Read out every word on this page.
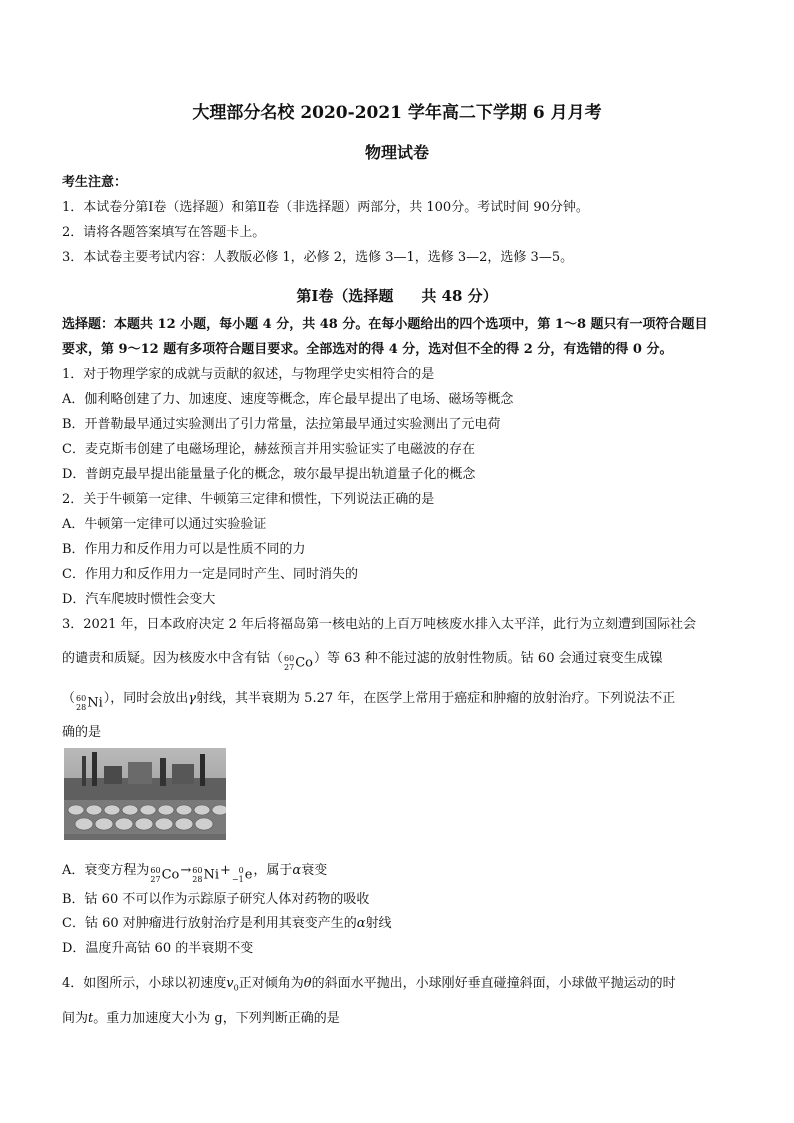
大理部分名校 2020-2021 学年高二下学期 6 月月考
物理试卷
考生注意：
1．本试卷分第Ⅰ卷（选择题）和第Ⅱ卷（非选择题）两部分，共 100分。考试时间 90分钟。
2．请将各题答案填写在答题卡上。
3．本试卷主要考试内容：人教版必修 1，必修 2，选修 3—1，选修 3—2，选修 3—5。
第Ⅰ卷（选择题 共 48 分）
选择题：本题共 12 小题，每小题 4 分，共 48 分。在每小题给出的四个选项中，第 1～8 题只有一项符合题目
要求，第 9～12 题有多项符合题目要求。全部选对的得 4 分，选对但不全的得 2 分，有选错的得 0 分。
1．对于物理学家的成就与贡献的叙述，与物理学史实相符合的是
A．伽利略创建了力、加速度、速度等概念，库仑最早提出了电场、磁场等概念
B．开普勒最早通过实验测出了引力常量，法拉第最早通过实验测出了元电荷
C．麦克斯韦创建了电磁场理论，赫兹预言并用实验证实了电磁波的存在
D．普朗克最早提出能量量子化的概念，玻尔最早提出轨道量子化的概念
2．关于牛顿第一定律、牛顿第三定律和惯性，下列说法正确的是
A．牛顿第一定律可以通过实验验证
B．作用力和反作用力可以是性质不同的力
C．作用力和反作用力一定是同时产生、同时消失的
D．汽车爬坡时惯性会变大
3．2021 年，日本政府决定 2 年后将福岛第一核电站的上百万吨核废水排入太平洋，此行为立刻遭到国际社会
的谴责和质疑。因为核废水中含有钴（ 60
27 Co）等 63 种不能过滤的放射性物质。钴 60 会通过衰变生成镍
（ 60
28 Ni），同时会放出γ射线，其半衰期为 5.27 年，在医学上常用于癌症和肿瘤的放射治疗。下列说法不正
确的是
A．衰变方程为 60
27 Co→ 60
28 Ni+ 0
−1 e，属于α衰变
B．钴 60 不可以作为示踪原子研究人体对药物的吸收
C．钴 60 对肿瘤进行放射治疗是利用其衰变产生的α射线
D．温度升高钴 60 的半衰期不变
4．如图所示，小球以初速度$v_0$正对倾角为θ的斜面水平抛出，小球刚好垂直碰撞斜面，小球做平抛运动的时
间为t。重力加速度大小为 g，下列判断正确的是
